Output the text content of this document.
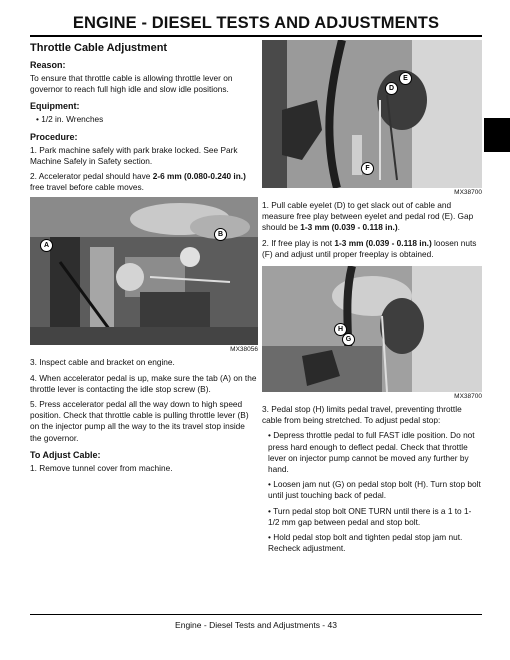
ENGINE - DIESEL TESTS AND ADJUSTMENTS
Throttle Cable Adjustment
Reason:

To ensure that throttle cable is allowing throttle lever on governor to reach full high idle and slow idle positions.

Equipment:

• 1/2 in. Wrenches

Procedure:

1. Park machine safely with park brake locked. See Park Machine Safely in Safety section.

2. Accelerator pedal should have 2-6 mm (0.080-0.240 in.) free travel before cable moves.

A
B
MX38056

3. Inspect cable and bracket on engine.

4. When accelerator pedal is up, make sure the tab (A) on the throttle lever is contacting the idle stop screw (B).

5. Press accelerator pedal all the way down to high speed position. Check that throttle cable is pulling throttle lever (B) on the injector pump all the way to the its travel stop inside the governor.

To Adjust Cable:

1. Remove tunnel cover from machine.

E
D
F
MX38700

1. Pull cable eyelet (D) to get slack out of cable and measure free play between eyelet and pedal rod (E). Gap should be 1-3 mm (0.039 - 0.118 in.).

2. If free play is not 1-3 mm (0.039 - 0.118 in.) loosen nuts (F) and adjust until proper freeplay is obtained.

H
G
MX38700

3. Pedal stop (H) limits pedal travel, preventing throttle cable from being stretched. To adjust pedal stop:

• Depress throttle pedal to full FAST idle position. Do not press hard enough to deflect pedal. Check that throttle lever on injector pump cannot be moved any further by hand.

• Loosen jam nut (G) on pedal stop bolt (H). Turn stop bolt until just touching back of pedal.

• Turn pedal stop bolt ONE TURN until there is a 1 to 1-1/2 mm gap between pedal and stop bolt.

• Hold pedal stop bolt and tighten pedal stop jam nut. Recheck adjustment.

Engine - Diesel Tests and Adjustments - 43
